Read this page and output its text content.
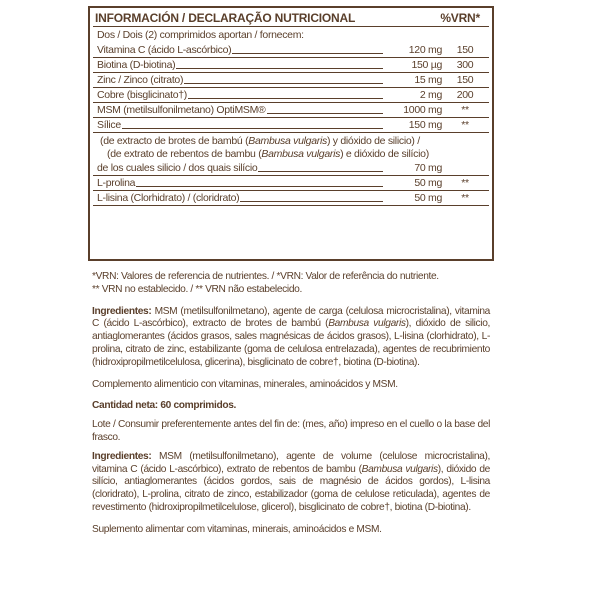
INFORMACIÓN / DECLARAÇÃO NUTRICIONAL	%VRN*
Dos / Dois (2) comprimidos aportan / fornecem:
Vitamina C (ácido L-ascórbico)	120 mg	150
Biotina (D-biotina)	150 µg	300
Zinc / Zinco (citrato)	15 mg	150
Cobre (bisglicinato†)	2 mg	200
MSM (metilsulfonilmetano) OptiMSM®	1000 mg	**
Sílice	150 mg	**
(de extracto de brotes de bambú (Bambusa vulgaris) y dióxido de silicio) /
(de extrato de rebentos de bambu (Bambusa vulgaris) e dióxido de silício)
de los cuales silicio / dos quais silício	70 mg
L-prolina	50 mg	**
L-lisina (Clorhidrato) / (cloridrato)	50 mg	**
*VRN: Valores de referencia de nutrientes. / *VRN: Valor de referência do nutriente.
** VRN no establecido. / ** VRN não estabelecido.
Ingredientes: MSM (metilsulfonilmetano), agente de carga (celulosa microcristalina), vitamina C (ácido L-ascórbico), extracto de brotes de bambú (Bambusa vulgaris), dióxido de silicio, antiaglomerantes (ácidos grasos, sales magnésicas de ácidos grasos), L-lisina (clorhidrato), L-prolina, citrato de zinc, estabilizante (goma de celulosa entrelazada), agentes de recubrimiento (hidroxipropilmetilcelulosa, glicerina), bisglicinato de cobre†, biotina (D-biotina).
Complemento alimenticio con vitaminas, minerales, aminoácidos y MSM.
Cantidad neta: 60 comprimidos.
Lote / Consumir preferentemente antes del fin de: (mes, año) impreso en el cuello o la base del frasco.
Ingredientes: MSM (metilsulfonilmetano), agente de volume (celulose microcristalina), vitamina C (ácido L-ascórbico), extrato de rebentos de bambu (Bambusa vulgaris), dióxido de silício, antiaglomerantes (ácidos gordos, sais de magnésio de ácidos gordos), L-lisina (cloridrato), L-prolina, citrato de zinco, estabilizador (goma de celulose reticulada), agentes de revestimento (hidroxipropilmetilcelulose, glicerol), bisglicinato de cobre†, biotina (D-biotina).
Suplemento alimentar com vitaminas, minerais, aminoácidos e MSM.
